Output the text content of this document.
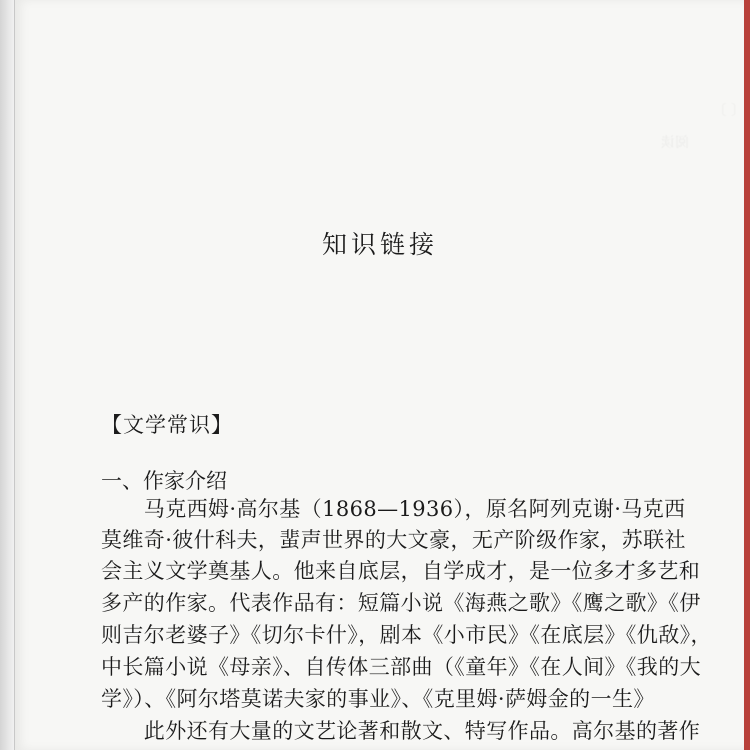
〔 〕　　　　　　　　　　　　　　　　　　　　　　　　　　　　　　
　　　　阅读　　　　　　　　　　　　　　　　　　　　　　　　　　　

知识链接
【文学常识】
一、作家介绍
　　马克西姆·高尔基（1868—1936），原名阿列克谢·马克西
莫维奇·彼什科夫，蜚声世界的大文豪，无产阶级作家，苏联社
会主义文学奠基人。他来自底层，自学成才，是一位多才多艺和
多产的作家。代表作品有：短篇小说《海燕之歌》《鹰之歌》《伊
则吉尔老婆子》《切尔卡什》，剧本《小市民》《在底层》《仇敌》，
中长篇小说《母亲》、自传体三部曲（《童年》《在人间》《我的大
学》）、《阿尔塔莫诺夫家的事业》、《克里姆·萨姆金的一生》
　　此外还有大量的文艺论著和散文、特写作品。高尔基的著作
